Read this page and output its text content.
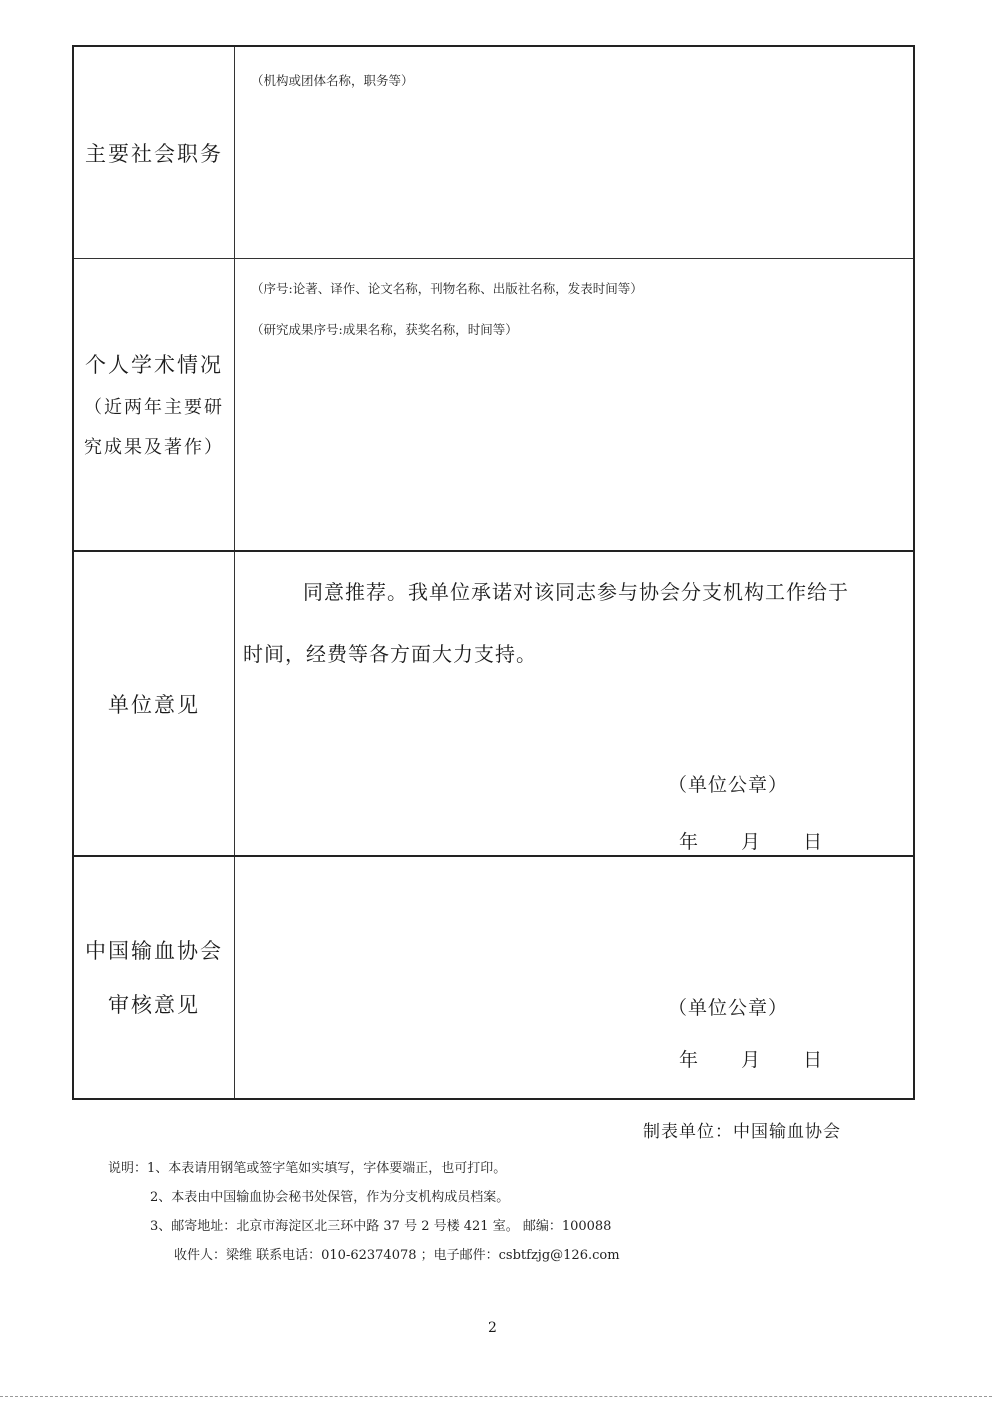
主要社会职务
（机构或团体名称，职务等）
个人学术情况
（近两年主要研
究成果及著作）
（序号:论著、译作、论文名称，刊物名称、出版社名称，发表时间等）
（研究成果序号:成果名称，获奖名称，时间等）
单位意见
同意推荐。我单位承诺对该同志参与协会分支机构工作给于
时间，经费等各方面大力支持。
（单位公章）
年 月 日
中国输血协会
审核意见	（单位公章）
年 月 日
制表单位：中国输血协会
说明：1、本表请用钢笔或签字笔如实填写，字体要端正，也可打印。
2、本表由中国输血协会秘书处保管，作为分支机构成员档案。
3、邮寄地址：北京市海淀区北三环中路 37 号 2 号楼 421 室。 邮编：100088
收件人：梁维 联系电话：010-62374078 ；电子邮件：csbtfzjg@126.com
2
